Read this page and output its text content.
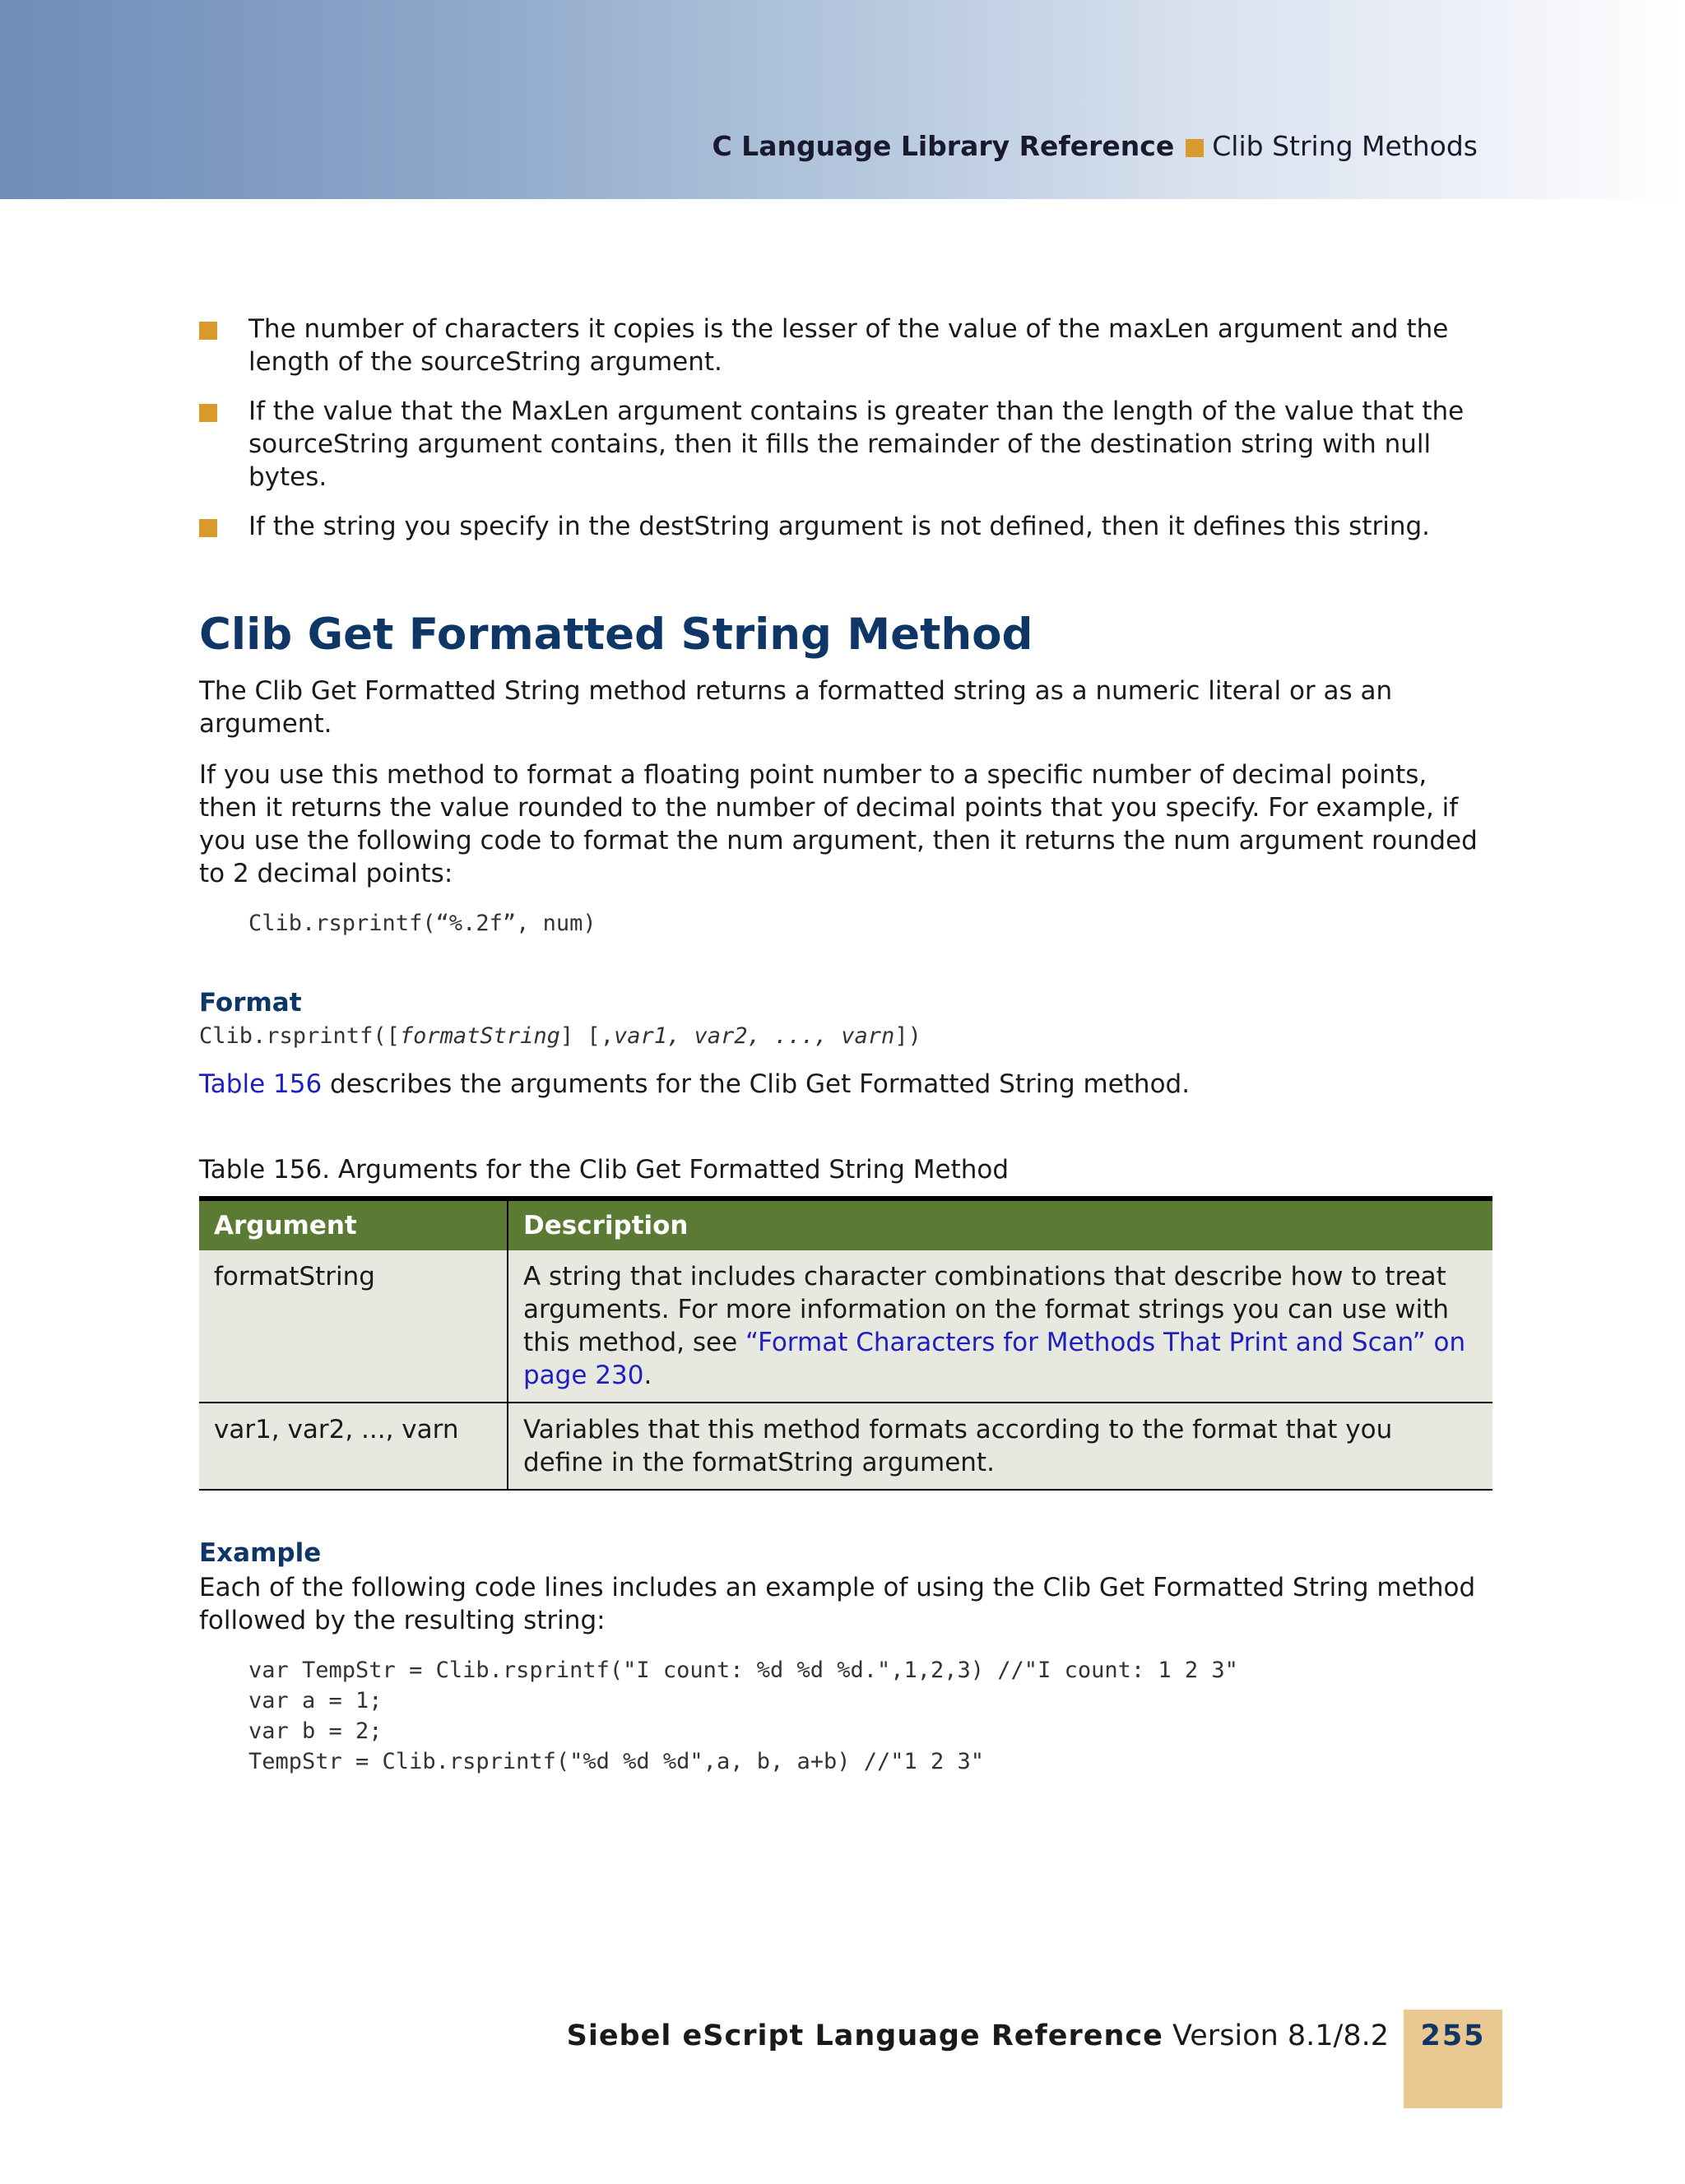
C Language Library Reference Clib String Methods
The number of characters it copies is the lesser of the value of the maxLen argument and the length of the sourceString argument.
If the value that the MaxLen argument contains is greater than the length of the value that the sourceString argument contains, then it fills the remainder of the destination string with null bytes.
If the string you specify in the destString argument is not defined, then it defines this string.
Clib Get Formatted String Method

The Clib Get Formatted String method returns a formatted string as a numeric literal or as an argument.

If you use this method to format a floating point number to a specific number of decimal points, then it returns the value rounded to the number of decimal points that you specify. For example, if you use the following code to format the num argument, then it returns the num argument rounded to 2 decimal points:

Clib.rsprintf(“%.2f”, num)
Format
Clib.rsprintf([formatString] [,var1, var2, ..., varn])

Table 156 describes the arguments for the Clib Get Formatted String method.

Table 156. Arguments for the Clib Get Formatted String Method
Argument	Description
formatString	A string that includes character combinations that describe how to treat arguments. For more information on the format strings you can use with this method, see “Format Characters for Methods That Print and Scan” on page 230.
var1, var2, ..., varn	Variables that this method formats according to the format that you define in the formatString argument.
Example

Each of the following code lines includes an example of using the Clib Get Formatted String method followed by the resulting string:

var TempStr = Clib.rsprintf("I count: %d %d %d.",1,2,3) //"I count: 1 2 3"
var a = 1;
var b = 2;
TempStr = Clib.rsprintf("%d %d %d",a, b, a+b) //"1 2 3"
Siebel eScript Language Reference Version 8.1/8.2	255
